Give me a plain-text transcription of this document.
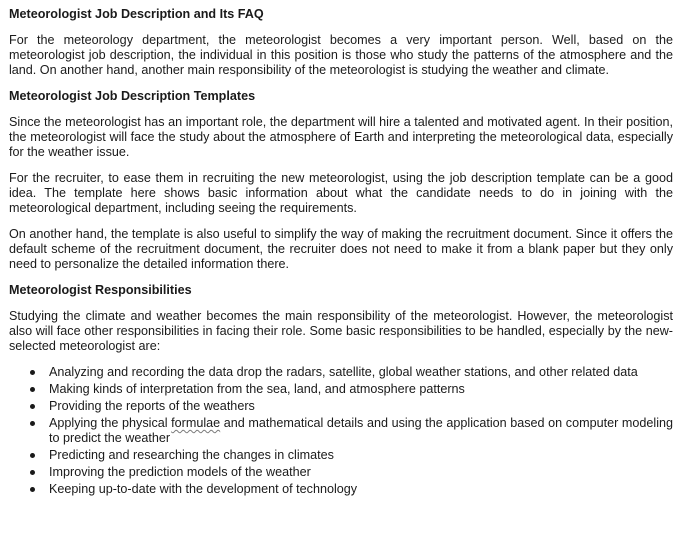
Meteorologist Job Description and Its FAQ

For the meteorology department, the meteorologist becomes a very important person. Well, based on the meteorologist job description, the individual in this position is those who study the patterns of the atmosphere and the land. On another hand, another main responsibility of the meteorologist is studying the weather and climate.

Meteorologist Job Description Templates

Since the meteorologist has an important role, the department will hire a talented and motivated agent. In their position, the meteorologist will face the study about the atmosphere of Earth and interpreting the meteorological data, especially for the weather issue.

For the recruiter, to ease them in recruiting the new meteorologist, using the job description template can be a good idea. The template here shows basic information about what the candidate needs to do in joining with the meteorological department, including seeing the requirements.

On another hand, the template is also useful to simplify the way of making the recruitment document. Since it offers the default scheme of the recruitment document, the recruiter does not need to make it from a blank paper but they only need to personalize the detailed information there.

Meteorologist Responsibilities

Studying the climate and weather becomes the main responsibility of the meteorologist. However, the meteorologist also will face other responsibilities in facing their role. Some basic responsibilities to be handled, especially by the new-selected meteorologist are:

Analyzing and recording the data drop the radars, satellite, global weather stations, and other related data
Making kinds of interpretation from the sea, land, and atmosphere patterns
Providing the reports of the weathers
Applying the physical formulae and mathematical details and using the application based on computer modeling to predict the weather
Predicting and researching the changes in climates
Improving the prediction models of the weather
Keeping up-to-date with the development of technology
